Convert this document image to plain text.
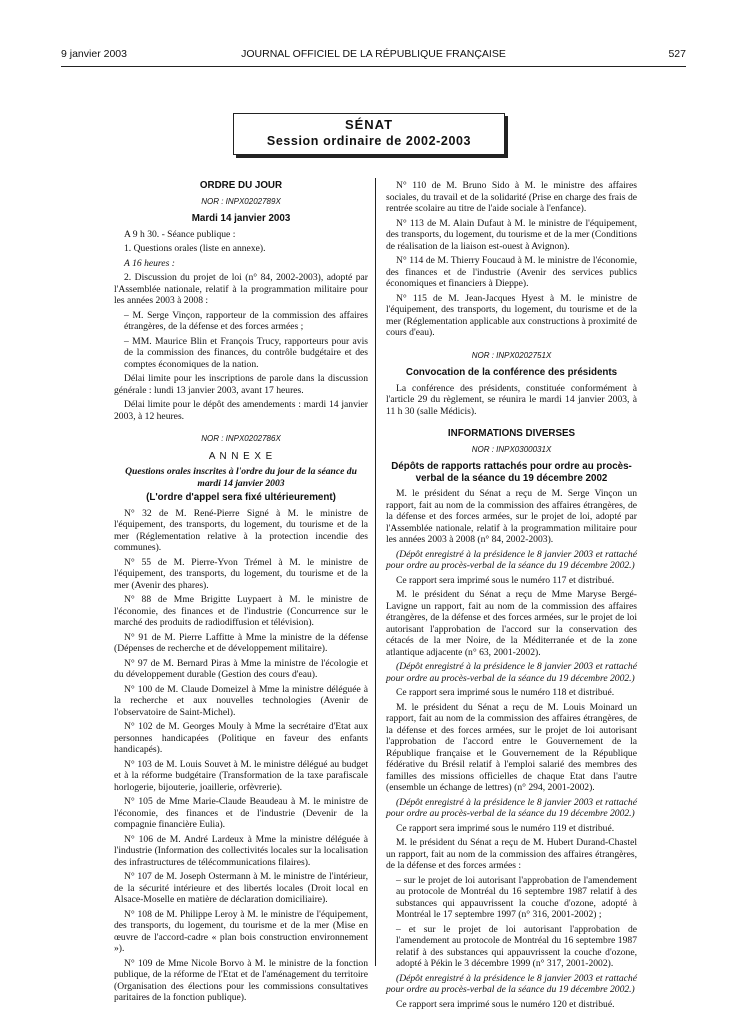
9 janvier 2003	JOURNAL OFFICIEL DE LA RÉPUBLIQUE FRANÇAISE	527
SÉNAT
Session ordinaire de 2002-2003
ORDRE DU JOUR
NOR : INPX0202789X
Mardi 14 janvier 2003

A 9 h 30. - Séance publique :

1. Questions orales (liste en annexe).

A 16 heures :

2. Discussion du projet de loi (n° 84, 2002-2003), adopté par l'Assemblée nationale, relatif à la programmation militaire pour les années 2003 à 2008 :

– M. Serge Vinçon, rapporteur de la commission des affaires étrangères, de la défense et des forces armées ;

– MM. Maurice Blin et François Trucy, rapporteurs pour avis de la commission des finances, du contrôle budgétaire et des comptes économiques de la nation.

Délai limite pour les inscriptions de parole dans la discussion générale : lundi 13 janvier 2003, avant 17 heures.

Délai limite pour le dépôt des amendements : mardi 14 janvier 2003, à 12 heures.

NOR : INPX0202786X
A N N E X E

Questions orales inscrites à l'ordre du jour de la séance du mardi 14 janvier 2003

(L'ordre d'appel sera fixé ultérieurement)

N° 32 de M. René-Pierre Signé à M. le ministre de l'équipement, des transports, du logement, du tourisme et de la mer (Réglementation relative à la protection incendie des communes).

N° 55 de M. Pierre-Yvon Trémel à M. le ministre de l'équipement, des transports, du logement, du tourisme et de la mer (Avenir des phares).

N° 88 de Mme Brigitte Luypaert à M. le ministre de l'économie, des finances et de l'industrie (Concurrence sur le marché des produits de radiodiffusion et télévision).

N° 91 de M. Pierre Laffitte à Mme la ministre de la défense (Dépenses de recherche et de développement militaire).

N° 97 de M. Bernard Piras à Mme la ministre de l'écologie et du développement durable (Gestion des cours d'eau).

N° 100 de M. Claude Domeizel à Mme la ministre déléguée à la recherche et aux nouvelles technologies (Avenir de l'observatoire de Saint-Michel).

N° 102 de M. Georges Mouly à Mme la secrétaire d'Etat aux personnes handicapées (Politique en faveur des enfants handicapés).

N° 103 de M. Louis Souvet à M. le ministre délégué au budget et à la réforme budgétaire (Transformation de la taxe parafiscale horlogerie, bijouterie, joaillerie, orfèvrerie).

N° 105 de Mme Marie-Claude Beaudeau à M. le ministre de l'économie, des finances et de l'industrie (Devenir de la compagnie financière Eulia).

N° 106 de M. André Lardeux à Mme la ministre déléguée à l'industrie (Information des collectivités locales sur la localisation des infrastructures de télécommunications filaires).

N° 107 de M. Joseph Ostermann à M. le ministre de l'intérieur, de la sécurité intérieure et des libertés locales (Droit local en Alsace-Moselle en matière de déclaration domiciliaire).

N° 108 de M. Philippe Leroy à M. le ministre de l'équipement, des transports, du logement, du tourisme et de la mer (Mise en œuvre de l'accord-cadre « plan bois construction environnement »).

N° 109 de Mme Nicole Borvo à M. le ministre de la fonction publique, de la réforme de l'Etat et de l'aménagement du territoire (Organisation des élections pour les commissions consultatives paritaires de la fonction publique).

N° 110 de M. Bruno Sido à M. le ministre des affaires sociales, du travail et de la solidarité (Prise en charge des frais de rentrée scolaire au titre de l'aide sociale à l'enfance).

N° 113 de M. Alain Dufaut à M. le ministre de l'équipement, des transports, du logement, du tourisme et de la mer (Conditions de réalisation de la liaison est-ouest à Avignon).

N° 114 de M. Thierry Foucaud à M. le ministre de l'économie, des finances et de l'industrie (Avenir des services publics économiques et financiers à Dieppe).

N° 115 de M. Jean-Jacques Hyest à M. le ministre de l'équipement, des transports, du logement, du tourisme et de la mer (Réglementation applicable aux constructions à proximité de cours d'eau).

NOR : INPX0202751X
Convocation de la conférence des présidents

La conférence des présidents, constituée conformément à l'article 29 du règlement, se réunira le mardi 14 janvier 2003, à 11 h 30 (salle Médicis).

INFORMATIONS DIVERSES
NOR : INPX0300031X
Dépôts de rapports rattachés pour ordre au procès-verbal de la séance du 19 décembre 2002

M. le président du Sénat a reçu de M. Serge Vinçon un rapport, fait au nom de la commission des affaires étrangères, de la défense et des forces armées, sur le projet de loi, adopté par l'Assemblée nationale, relatif à la programmation militaire pour les années 2003 à 2008 (n° 84, 2002-2003).

(Dépôt enregistré à la présidence le 8 janvier 2003 et rattaché pour ordre au procès-verbal de la séance du 19 décembre 2002.)

Ce rapport sera imprimé sous le numéro 117 et distribué.

M. le président du Sénat a reçu de Mme Maryse Bergé-Lavigne un rapport, fait au nom de la commission des affaires étrangères, de la défense et des forces armées, sur le projet de loi autorisant l'approbation de l'accord sur la conservation des cétacés de la mer Noire, de la Méditerranée et de la zone atlantique adjacente (n° 63, 2001-2002).

(Dépôt enregistré à la présidence le 8 janvier 2003 et rattaché pour ordre au procès-verbal de la séance du 19 décembre 2002.)

Ce rapport sera imprimé sous le numéro 118 et distribué.

M. le président du Sénat a reçu de M. Louis Moinard un rapport, fait au nom de la commission des affaires étrangères, de la défense et des forces armées, sur le projet de loi autorisant l'approbation de l'accord entre le Gouvernement de la République française et le Gouvernement de la République fédérative du Brésil relatif à l'emploi salarié des membres des familles des missions officielles de chaque Etat dans l'autre (ensemble un échange de lettres) (n° 294, 2001-2002).

(Dépôt enregistré à la présidence le 8 janvier 2003 et rattaché pour ordre au procès-verbal de la séance du 19 décembre 2002.)

Ce rapport sera imprimé sous le numéro 119 et distribué.

M. le président du Sénat a reçu de M. Hubert Durand-Chastel un rapport, fait au nom de la commission des affaires étrangères, de la défense et des forces armées :

– sur le projet de loi autorisant l'approbation de l'amendement au protocole de Montréal du 16 septembre 1987 relatif à des substances qui appauvrissent la couche d'ozone, adopté à Montréal le 17 septembre 1997 (n° 316, 2001-2002) ;

– et sur le projet de loi autorisant l'approbation de l'amendement au protocole de Montréal du 16 septembre 1987 relatif à des substances qui appauvrissent la couche d'ozone, adopté à Pékin le 3 décembre 1999 (n° 317, 2001-2002).

(Dépôt enregistré à la présidence le 8 janvier 2003 et rattaché pour ordre au procès-verbal de la séance du 19 décembre 2002.)

Ce rapport sera imprimé sous le numéro 120 et distribué.
